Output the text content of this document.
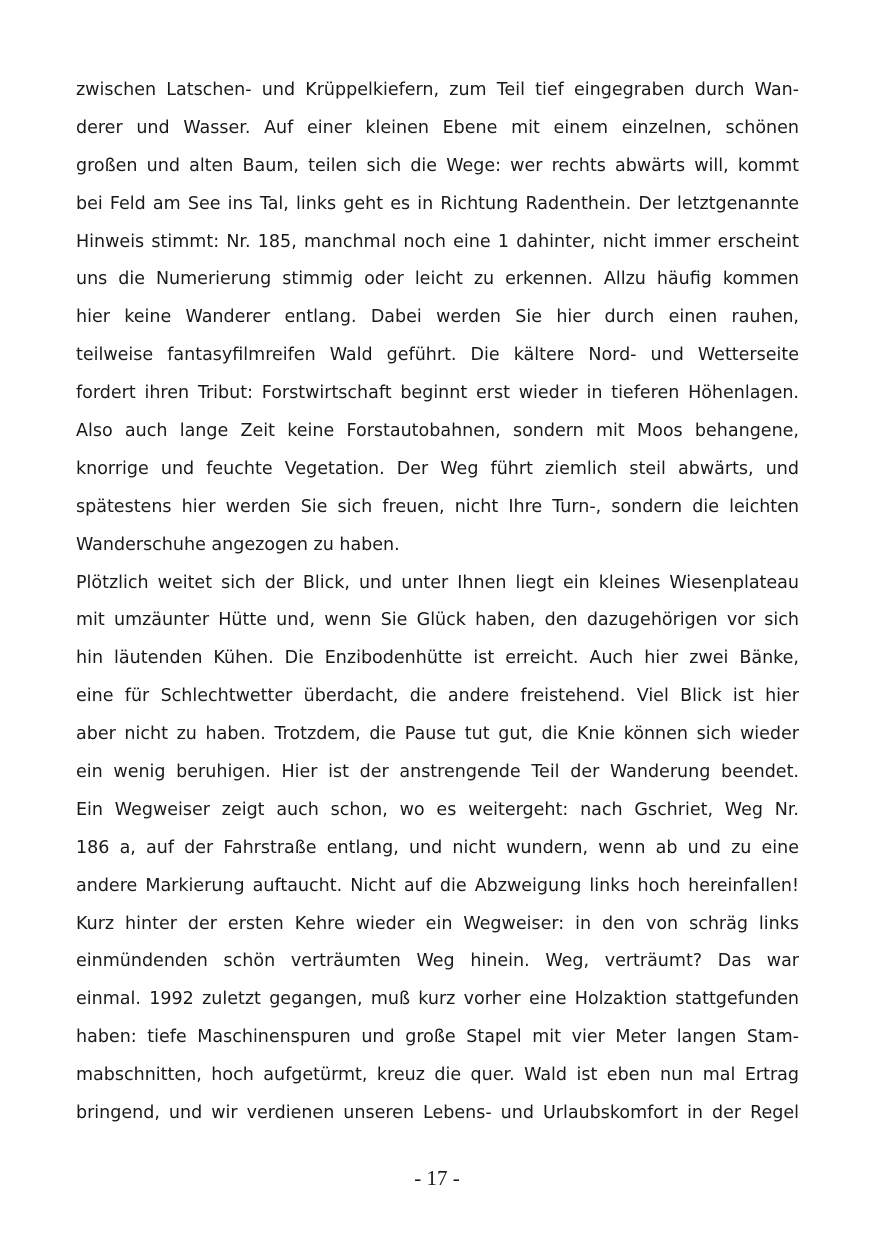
zwischen Latschen- und Krüppelkiefern, zum Teil tief eingegraben durch Wan-
derer und Wasser. Auf einer kleinen Ebene mit einem einzelnen, schönen
großen und alten Baum, teilen sich die Wege: wer rechts abwärts will, kommt
bei Feld am See ins Tal, links geht es in Richtung Radenthein. Der letztgenannte
Hinweis stimmt: Nr. 185, manchmal noch eine 1 dahinter, nicht immer erscheint
uns die Numerierung stimmig oder leicht zu erkennen. Allzu häufig kommen
hier keine Wanderer entlang. Dabei werden Sie hier durch einen rauhen,
teilweise fantasyfilmreifen Wald geführt. Die kältere Nord- und Wetterseite
fordert ihren Tribut: Forstwirtschaft beginnt erst wieder in tieferen Höhenlagen.
Also auch lange Zeit keine Forstautobahnen, sondern mit Moos behangene,
knorrige und feuchte Vegetation. Der Weg führt ziemlich steil abwärts, und
spätestens hier werden Sie sich freuen, nicht Ihre Turn-, sondern die leichten
Wanderschuhe angezogen zu haben.
Plötzlich weitet sich der Blick, und unter Ihnen liegt ein kleines Wiesenplateau
mit umzäunter Hütte und, wenn Sie Glück haben, den dazugehörigen vor sich
hin läutenden Kühen. Die Enzibodenhütte ist erreicht. Auch hier zwei Bänke,
eine für Schlechtwetter überdacht, die andere freistehend. Viel Blick ist hier
aber nicht zu haben. Trotzdem, die Pause tut gut, die Knie können sich wieder
ein wenig beruhigen. Hier ist der anstrengende Teil der Wanderung beendet.
Ein Wegweiser zeigt auch schon, wo es weitergeht: nach Gschriet, Weg Nr.
186 a, auf der Fahrstraße entlang, und nicht wundern, wenn ab und zu eine
andere Markierung auftaucht. Nicht auf die Abzweigung links hoch hereinfallen!
Kurz hinter der ersten Kehre wieder ein Wegweiser: in den von schräg links
einmündenden schön verträumten Weg hinein. Weg, verträumt? Das war
einmal. 1992 zuletzt gegangen, muß kurz vorher eine Holzaktion stattgefunden
haben: tiefe Maschinenspuren und große Stapel mit vier Meter langen Stam-
mabschnitten, hoch aufgetürmt, kreuz die quer. Wald ist eben nun mal Ertrag
bringend, und wir verdienen unseren Lebens- und Urlaubskomfort in der Regel
- 17 -
